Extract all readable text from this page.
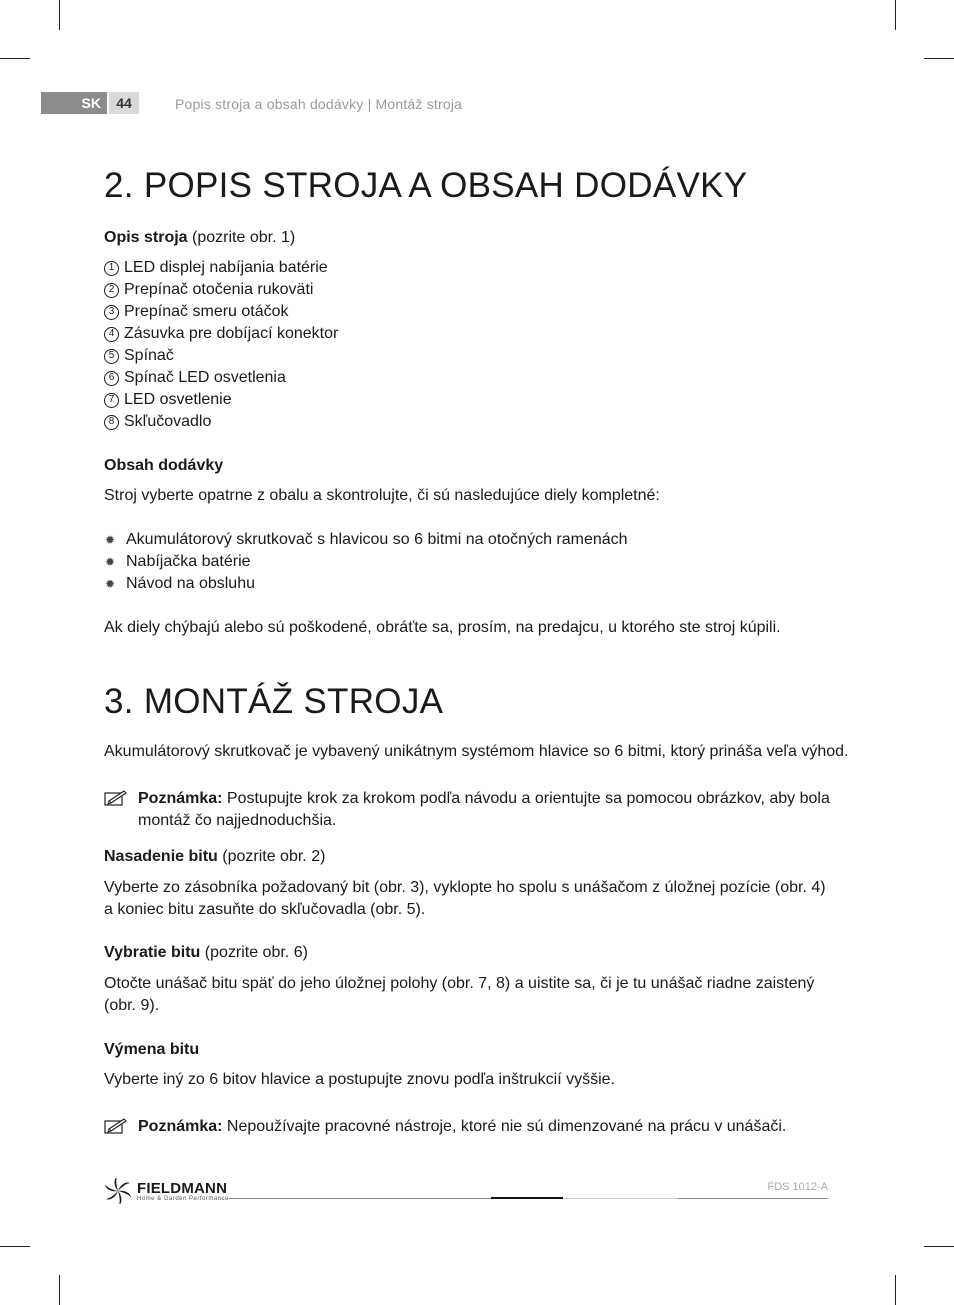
SK	44	Popis stroja a obsah dodávky | Montáž stroja
2. POPIS STROJA A OBSAH DODÁVKY
Opis stroja (pozrite obr. 1)
1 LED displej nabíjania batérie
2 Prepínač otočenia rukoväti
3 Prepínač smeru otáčok
4 Zásuvka pre dobíjací konektor
5 Spínač
6 Spínač LED osvetlenia
7 LED osvetlenie
8 Skľučovadlo
Obsah dodávky
Stroj vyberte opatrne z obalu a skontrolujte, či sú nasledujúce diely kompletné:
✹ Akumulátorový skrutkovač s hlavicou so 6 bitmi na otočných ramenách
✹ Nabíjačka batérie
✹ Návod na obsluhu
Ak diely chýbajú alebo sú poškodené, obráťte sa, prosím, na predajcu, u ktorého ste stroj kúpili.
3. MONTÁŽ STROJA
Akumulátorový skrutkovač je vybavený unikátnym systémom hlavice so 6 bitmi, ktorý prináša veľa výhod.
Poznámka: Postupujte krok za krokom podľa návodu a orientujte sa pomocou obrázkov, aby bola montáž čo najjednoduchšia.
Nasadenie bitu (pozrite obr. 2)
Vyberte zo zásobníka požadovaný bit (obr. 3), vyklopte ho spolu s unášačom z úložnej pozície (obr. 4) a koniec bitu zasuňte do skľučovadla (obr. 5).
Vybratie bitu (pozrite obr. 6)
Otočte unášač bitu späť do jeho úložnej polohy (obr. 7, 8) a uistite sa, či je tu unášač riadne zaistený (obr. 9).
Výmena bitu
Vyberte iný zo 6 bitov hlavice a postupujte znovu podľa inštrukcií vyššie.
Poznámka: Nepoužívajte pracovné nástroje, ktoré nie sú dimenzované na prácu v unášači.
FIELDMANN
Home & Garden Performance
FDS 1012-A
